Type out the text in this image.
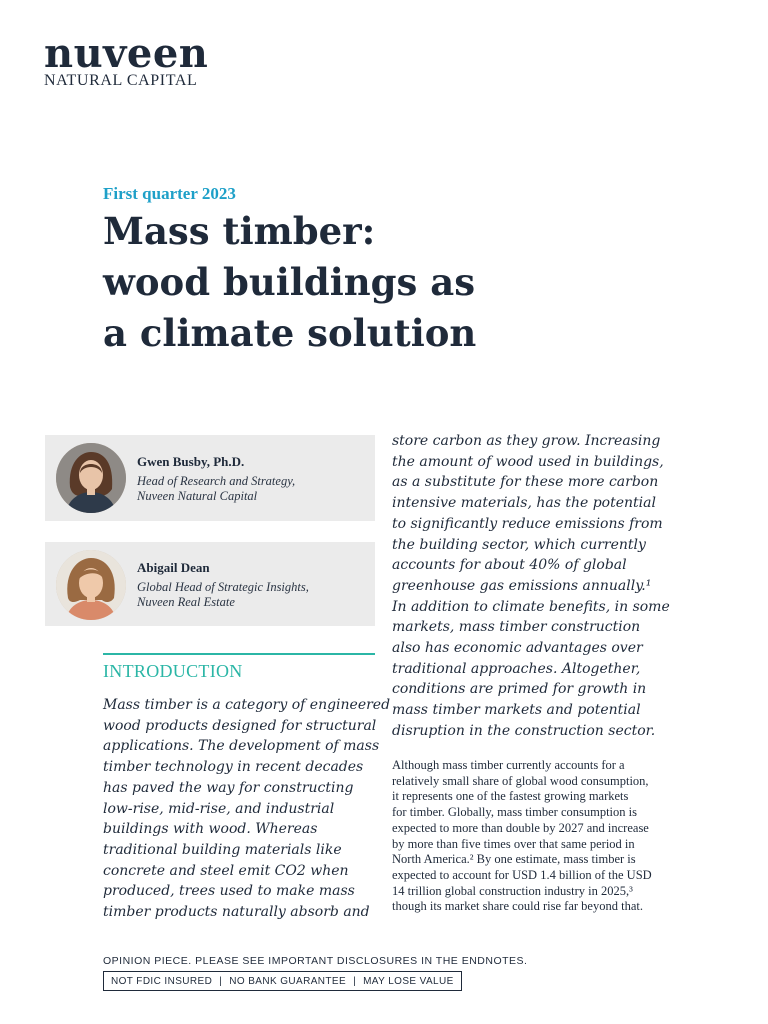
nuveen
NATURAL CAPITAL
First quarter 2023
Mass timber:
wood buildings as
a climate solution
Gwen Busby, Ph.D.
Head of Research and Strategy,
Nuveen Natural Capital
Abigail Dean
Global Head of Strategic Insights,
Nuveen Real Estate
INTRODUCTION
Mass timber is a category of engineered
wood products designed for structural
applications. The development of mass
timber technology in recent decades
has paved the way for constructing
low-rise, mid-rise, and industrial
buildings with wood. Whereas
traditional building materials like
concrete and steel emit CO2 when
produced, trees used to make mass
timber products naturally absorb and
store carbon as they grow. Increasing
the amount of wood used in buildings,
as a substitute for these more carbon
intensive materials, has the potential
to significantly reduce emissions from
the building sector, which currently
accounts for about 40% of global
greenhouse gas emissions annually.¹
In addition to climate benefits, in some
markets, mass timber construction
also has economic advantages over
traditional approaches. Altogether,
conditions are primed for growth in
mass timber markets and potential
disruption in the construction sector.
Although mass timber currently accounts for a
relatively small share of global wood consumption,
it represents one of the fastest growing markets
for timber. Globally, mass timber consumption is
expected to more than double by 2027 and increase
by more than five times over that same period in
North America.² By one estimate, mass timber is
expected to account for USD 1.4 billion of the USD
14 trillion global construction industry in 2025,³
though its market share could rise far beyond that.
OPINION PIECE. PLEASE SEE IMPORTANT DISCLOSURES IN THE ENDNOTES.
NOT FDIC INSURED | NO BANK GUARANTEE | MAY LOSE VALUE
